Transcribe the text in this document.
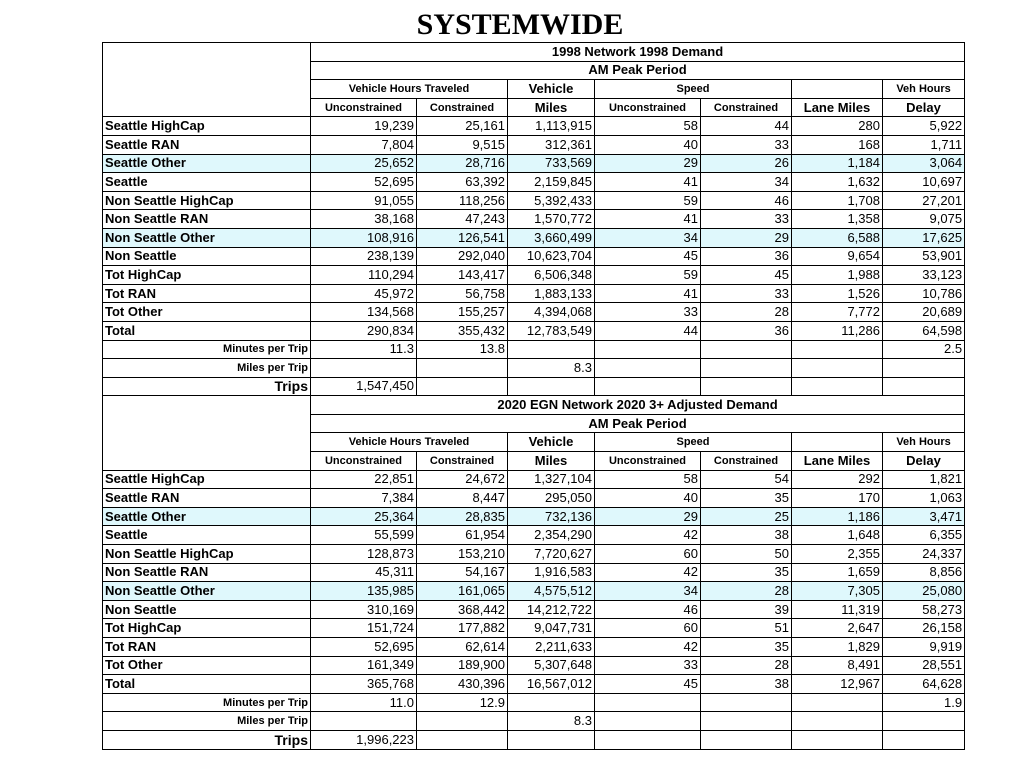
SYSTEMWIDE
	1998 Network 1998 Demand						
	AM Peak Period						
	Vehicle Hours Traveled		Vehicle	Speed			Veh Hours
	Unconstrained	Constrained	Miles	Unconstrained	Constrained	Lane Miles	Delay
Seattle HighCap	19,239	25,161	1,113,915	58	44	280	5,922
Seattle RAN	7,804	9,515	312,361	40	33	168	1,711
Seattle Other	25,652	28,716	733,569	29	26	1,184	3,064
Seattle	52,695	63,392	2,159,845	41	34	1,632	10,697
Non Seattle HighCap	91,055	118,256	5,392,433	59	46	1,708	27,201
Non Seattle RAN	38,168	47,243	1,570,772	41	33	1,358	9,075
Non Seattle Other	108,916	126,541	3,660,499	34	29	6,588	17,625
Non Seattle	238,139	292,040	10,623,704	45	36	9,654	53,901
Tot HighCap	110,294	143,417	6,506,348	59	45	1,988	33,123
Tot RAN	45,972	56,758	1,883,133	41	33	1,526	10,786
Tot Other	134,568	155,257	4,394,068	33	28	7,772	20,689
Total	290,834	355,432	12,783,549	44	36	11,286	64,598
Minutes per Trip	11.3	13.8					2.5
Miles per Trip			8.3				
Trips	1,547,450						
	2020 EGN Network 2020 3+ Adjusted Demand						
	AM Peak Period						
	Vehicle Hours Traveled		Vehicle	Speed			Veh Hours
	Unconstrained	Constrained	Miles	Unconstrained	Constrained	Lane Miles	Delay
Seattle HighCap	22,851	24,672	1,327,104	58	54	292	1,821
Seattle RAN	7,384	8,447	295,050	40	35	170	1,063
Seattle Other	25,364	28,835	732,136	29	25	1,186	3,471
Seattle	55,599	61,954	2,354,290	42	38	1,648	6,355
Non Seattle HighCap	128,873	153,210	7,720,627	60	50	2,355	24,337
Non Seattle RAN	45,311	54,167	1,916,583	42	35	1,659	8,856
Non Seattle Other	135,985	161,065	4,575,512	34	28	7,305	25,080
Non Seattle	310,169	368,442	14,212,722	46	39	11,319	58,273
Tot HighCap	151,724	177,882	9,047,731	60	51	2,647	26,158
Tot RAN	52,695	62,614	2,211,633	42	35	1,829	9,919
Tot Other	161,349	189,900	5,307,648	33	28	8,491	28,551
Total	365,768	430,396	16,567,012	45	38	12,967	64,628
Minutes per Trip	11.0	12.9					1.9
Miles per Trip			8.3				
Trips	1,996,223						
